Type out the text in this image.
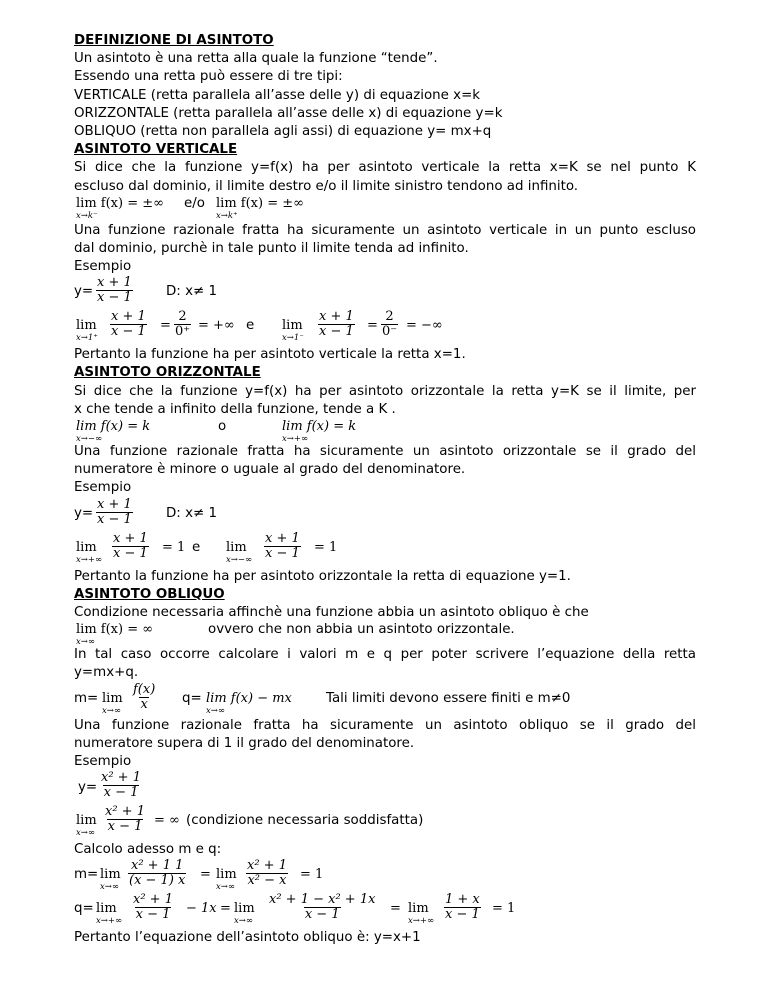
DEFINIZIONE DI ASINTOTO
Un asintoto è una retta alla quale la funzione “tende”.
Essendo una retta può essere di tre tipi:
VERTICALE (retta parallela all’asse delle y) di equazione x=k
ORIZZONTALE (retta parallela all’asse delle x) di equazione y=k
OBLIQUO (retta non parallela agli assi) di equazione y= mx+q
ASINTOTO VERTICALE
Si dice che la funzione y=f(x) ha per asintoto verticale la retta x=K se nel punto K
escluso dal dominio, il limite destro e/o il limite sinistro tendono ad infinito.
lim f(x) = ±∞
x→k⁻
e/o lim f(x) = ±∞
x→k⁺
Una funzione razionale fratta ha sicuramente un asintoto verticale in un punto escluso
dal dominio, purchè in tale punto il limite tenda ad infinito.
Esempio
$y= \frac{x + 1}{x - 1} D$: x≠ 1
lim
$x\to 1^+ \frac{x + 1}{x - 1} = \frac{2}{0^+}$ = +∞ e lim
$x\to 1^- \frac{x + 1}{x - 1} = \frac{2}{0^-}$ = −∞
Pertanto la funzione ha per asintoto verticale la retta x=1.
ASINTOTO ORIZZONTALE
Si dice che la funzione y=f(x) ha per asintoto orizzontale la retta y=K se il limite, per
x che tende a infinito della funzione, tende a K .
lim f(x) = k
x→−∞
o	lim f(x) = k
x→+∞
Una funzione razionale fratta ha sicuramente un asintoto orizzontale se il grado del
numeratore è minore o uguale al grado del denominatore.
Esempio
$y= \frac{x + 1}{x - 1} D$: x≠ 1
lim
$x\to+\infty \frac{x + 1}{x - 1} = 1$ e lim
$x\to-\infty \frac{x + 1}{x - 1} = 1$
Pertanto la funzione ha per asintoto orizzontale la retta di equazione y=1.
ASINTOTO OBLIQUO
Condizione necessaria affinchè una funzione abbia un asintoto obliquo è che
lim f(x) = ∞
x→∞
ovvero che non abbia un asintoto orizzontale.
In tal caso occorre calcolare i valori m e q per poter scrivere l’equazione della retta
y=mx+q.
m= lim
$x\to\infty \frac{f(x)}{x} q= \lim f(x)$ − mx
x→∞
Tali limiti devono essere finiti e m≠0
Una funzione razionale fratta ha sicuramente un asintoto obliquo se il grado del
numeratore supera di 1 il grado del denominatore.
Esempio
$y= \frac{\text{x² + 1}}{x - 1}$
lim
$x\to\infty \frac{\text{x² + 1}}{x - 1}$ = ∞ (condizione necessaria soddisfatta)
Calcolo adesso m e q:
m= lim
$x\to\infty \frac{\text{x² + 1 1}}{(x - 1) x} = \lim$
$x\to\infty \frac{\text{x² + 1}}{\text{x² − x}} = 1$
q= lim
$x\to+\infty \frac{\text{x² + 1}}{x - 1} - 1x = \lim$
$x\to\infty \frac{\text{x² + 1 − x² + 1x}}{x - 1} = \lim$
$x\to+\infty \frac{1 + x}{x - 1} = 1$
Pertanto l’equazione dell’asintoto obliquo è: y=x+1
